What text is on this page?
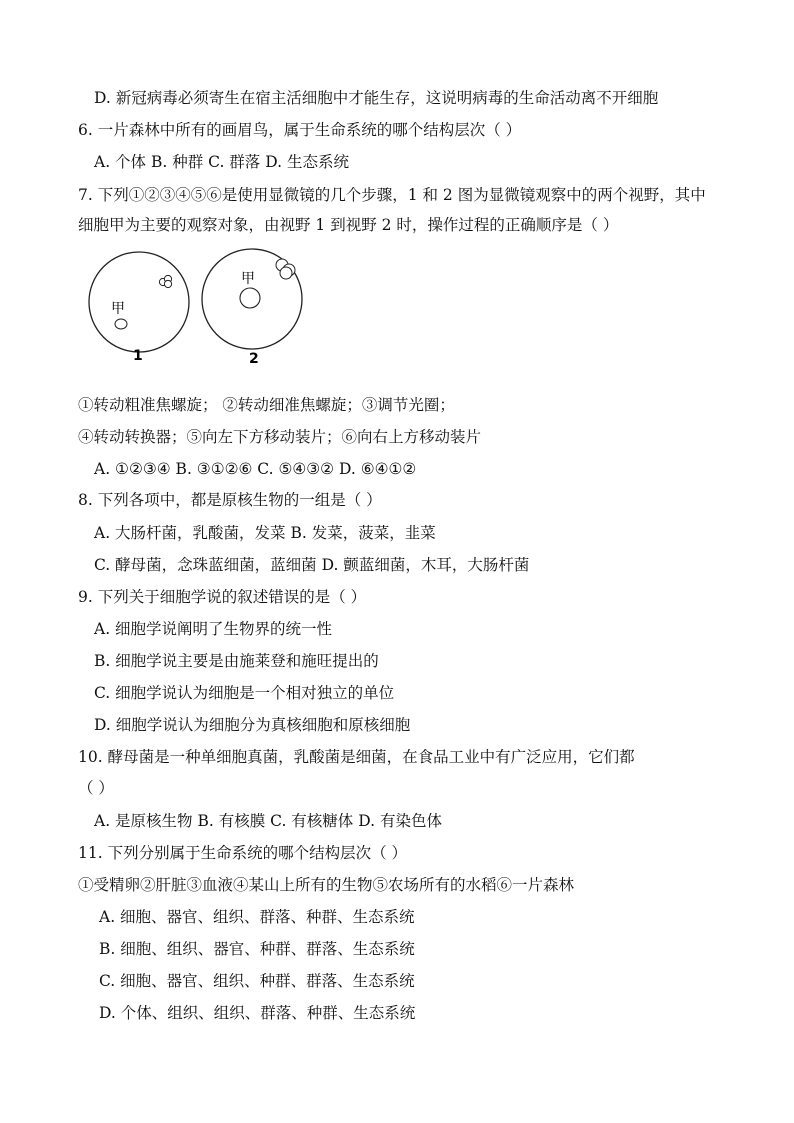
D. 新冠病毒必须寄生在宿主活细胞中才能生存，这说明病毒的生命活动离不开细胞
6. 一片森林中所有的画眉鸟，属于生命系统的哪个结构层次（ ）
A. 个体 B. 种群 C. 群落 D. 生态系统
7. 下列①②③④⑤⑥是使用显微镜的几个步骤，1 和 2 图为显微镜观察中的两个视野，其中
细胞甲为主要的观察对象，由视野 1 到视野 2 时，操作过程的正确顺序是（ ）
甲
1
甲
2
①转动粗准焦螺旋； ②转动细准焦螺旋；③调节光圈；
④转动转换器；⑤向左下方移动装片；⑥向右上方移动装片
A. ①②③④ B. ③①②⑥ C. ⑤④③② D. ⑥④①②
8. 下列各项中，都是原核生物的一组是（ ）
A. 大肠杆菌，乳酸菌，发菜 B. 发菜，菠菜，韭菜
C. 酵母菌，念珠蓝细菌，蓝细菌 D. 颤蓝细菌，木耳，大肠杆菌
9. 下列关于细胞学说的叙述错误的是（ ）
A. 细胞学说阐明了生物界的统一性
B. 细胞学说主要是由施莱登和施旺提出的
C. 细胞学说认为细胞是一个相对独立的单位
D. 细胞学说认为细胞分为真核细胞和原核细胞
10. 酵母菌是一种单细胞真菌，乳酸菌是细菌，在食品工业中有广泛应用，它们都
（ ）
A. 是原核生物 B. 有核膜 C. 有核糖体 D. 有染色体
11. 下列分别属于生命系统的哪个结构层次（ ）
①受精卵②肝脏③血液④某山上所有的生物⑤农场所有的水稻⑥一片森林
A. 细胞、器官、组织、群落、种群、生态系统
B. 细胞、组织、器官、种群、群落、生态系统
C. 细胞、器官、组织、种群、群落、生态系统
D. 个体、组织、组织、群落、种群、生态系统
